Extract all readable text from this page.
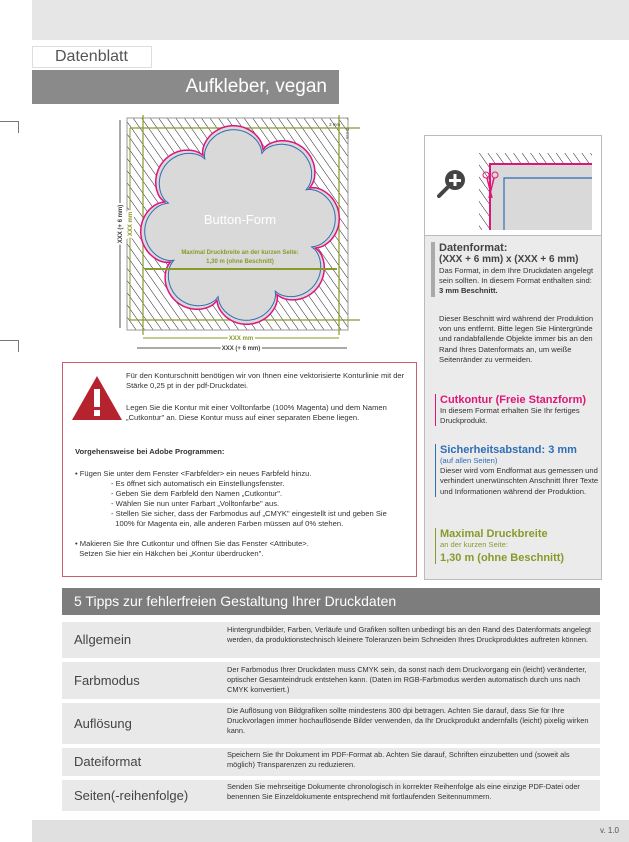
Datenblatt
Aufkleber, vegan
Button-Form
Maximal Druckbreite an der kurzen Seite:
1,30 m (ohne Beschnitt)
XXX mm
XXX (+ 6 mm)
XXX (+ 6 mm) XXX mm
3 mm
3 mm

Für den Konturschnitt benötigen wir von Ihnen eine vektorisierte Konturlinie mit der Stärke 0,25 pt in der pdf-Druckdatei.

Legen Sie die Kontur mit einer Volltonfarbe (100% Magenta) und dem Namen „Cutkontur" an. Diese Kontur muss auf einer separaten Ebene liegen.

Vorgehensweise bei Adobe Programmen:

• Fügen Sie unter dem Fenster <Farbfelder> ein neues Farbfeld hinzu.

- Es öffnet sich automatisch ein Einstellungsfenster.

- Geben Sie dem Farbfeld den Namen „Cutkontur".

- Wählen Sie nun unter Farbart „Volltonfarbe" aus.

- Stellen Sie sicher, dass der Farbmodus auf „CMYK" eingestellt ist und geben Sie

100% für Magenta ein, alle anderen Farben müssen auf 0% stehen.

• Makieren Sie Ihre Cutkontur und öffnen Sie das Fenster <Attribute>.

Setzen Sie hier ein Häkchen bei „Kontur überdrucken".

Datenformat:
(XXX + 6 mm) x (XXX + 6 mm)
Das Format, in dem Ihre Druckdaten angelegt sein sollten. In diesem Format enthalten sind: 3 mm Beschnitt.
Dieser Beschnitt wird während der Produktion von uns entfernt. Bitte legen Sie Hintergründe und randabfallende Objekte immer bis an den Rand Ihres Datenformats an, um weiße Seitenränder zu vermeiden.
Cutkontur (Freie Stanzform)
In diesem Format erhalten Sie Ihr fertiges Druckprodukt.
Sicherheitsabstand: 3 mm
(auf allen Seiten)
Dieser wird vom Endformat aus gemessen und verhindert unerwünschten Anschnitt Ihrer Texte und Informationen während der Produktion.
Maximal Druckbreite
an der kurzen Seite:
1,30 m (ohne Beschnitt)
5 Tipps zur fehlerfreien Gestaltung Ihrer Druckdaten
Allgemein
Hintergrundbilder, Farben, Verläufe und Grafiken sollten unbedingt bis an den Rand des Datenformats angelegt werden, da produktionstechnisch kleinere Toleranzen beim Schneiden Ihres Druckproduktes auftreten können.
Farbmodus
Der Farbmodus Ihrer Druckdaten muss CMYK sein, da sonst nach dem Druckvorgang ein (leicht) veränderter, optischer Gesamteindruck entstehen kann. (Daten im RGB-Farbmodus werden automatisch durch uns nach CMYK konvertiert.)
Auflösung
Die Auflösung von Bildgrafiken sollte mindestens 300 dpi betragen. Achten Sie darauf, dass Sie für Ihre Druckvorlagen immer hochauflösende Bilder verwenden, da Ihr Druckprodukt andernfalls (leicht) pixelig wirken kann.
Dateiformat	Speichern Sie Ihr Dokument im PDF-Format ab. Achten Sie darauf, Schriften einzubetten und (soweit als möglich) Transparenzen zu reduzieren.
Seiten(-reihenfolge)
Senden Sie mehrseitige Dokumente chronologisch in korrekter Reihenfolge als eine einzige PDF-Datei oder benennen Sie Einzeldokumente entsprechend mit fortlaufenden Seitennummern.
v. 1.0
